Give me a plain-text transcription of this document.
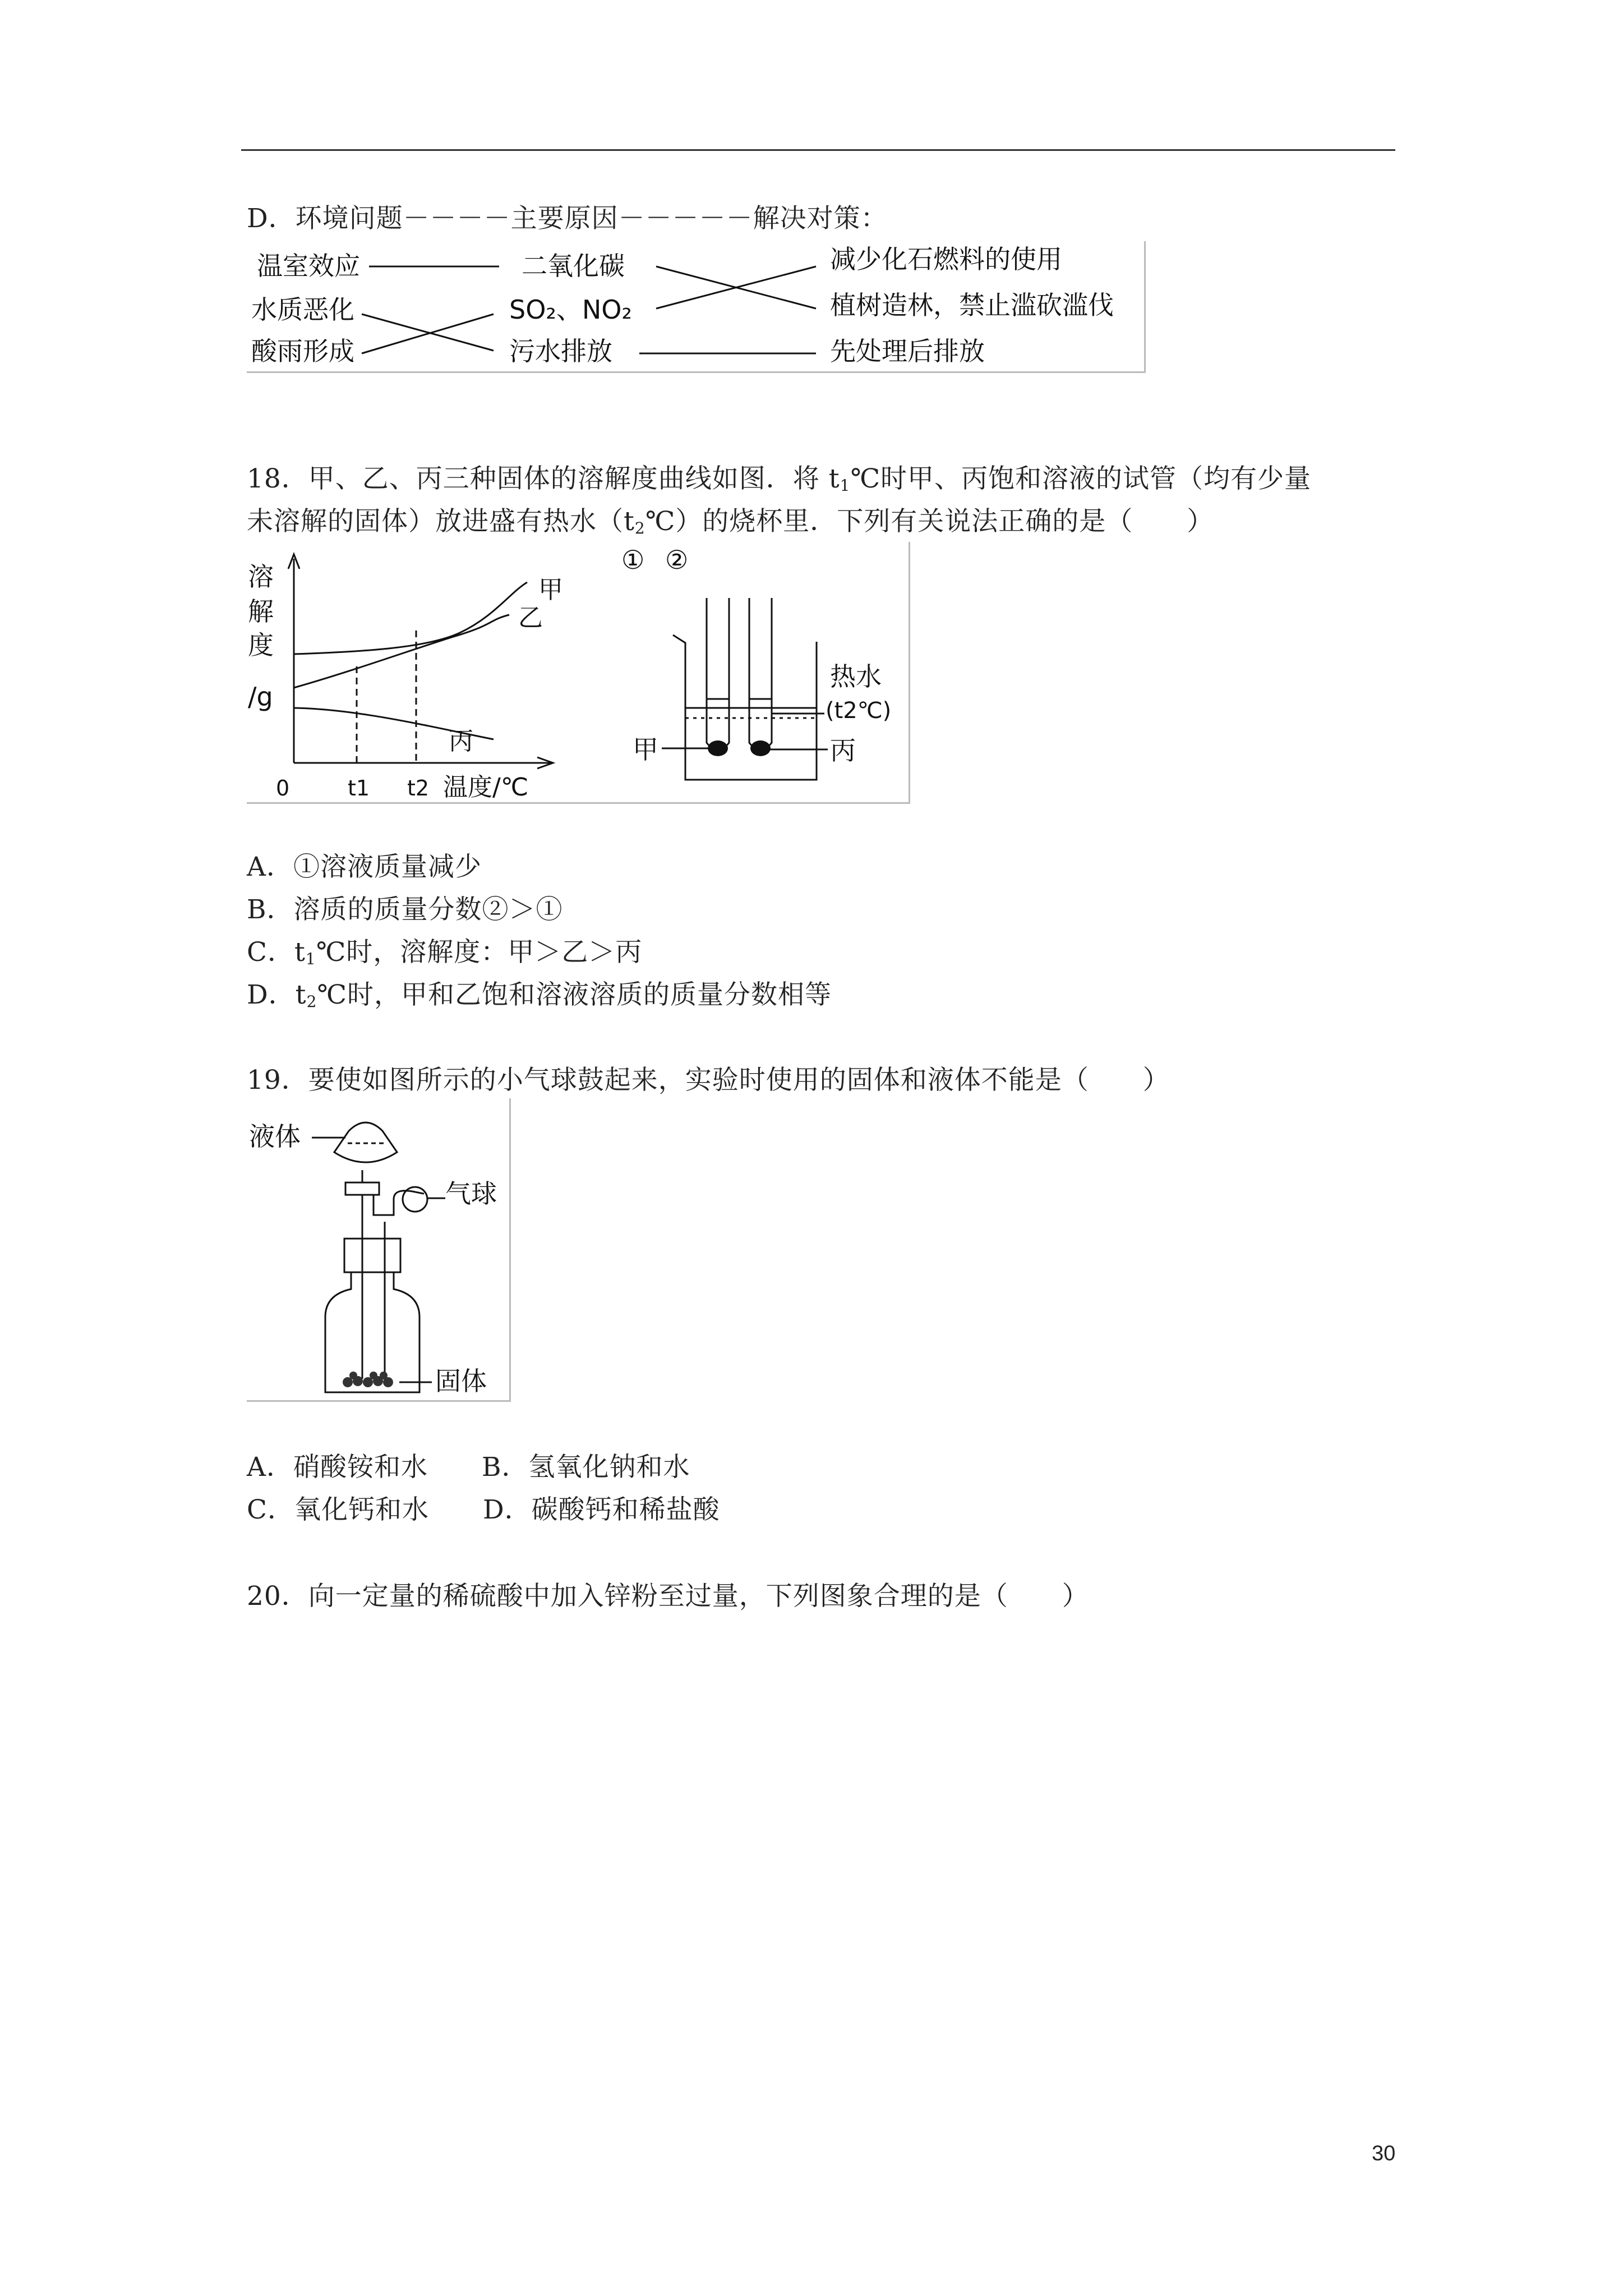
D．环境问题－－－－主要原因－－－－－解决对策：
温室效应
水质恶化
酸雨形成
二氧化碳
SO₂、NO₂
污水排放
减少化石燃料的使用
植树造林，禁止滥砍滥伐
先处理后排放
18．甲、乙、丙三种固体的溶解度曲线如图．将 $t_1℃$时甲、丙饱和溶液的试管（均有少量
未溶解的固体）放进盛有热水$(t_2℃)$的烧杯里．下列有关说法正确的是（　　）
溶
解
度
/g
甲
乙
丙
0	t1 t2 温度/℃
① ②
热水
(t2℃)
甲	丙
A．①溶液质量减少
B．溶质的质量分数②＞①
C．$t_1℃$时，溶解度：甲＞乙＞丙
D．$t_2℃$时，甲和乙饱和溶液溶质的质量分数相等
19．要使如图所示的小气球鼓起来，实验时使用的固体和液体不能是（　　）
液体
气球
固体
A．硝酸铵和水　　B．氢氧化钠和水
C．氧化钙和水　　D．碳酸钙和稀盐酸
20．向一定量的稀硫酸中加入锌粉至过量，下列图象合理的是（　　）
30
